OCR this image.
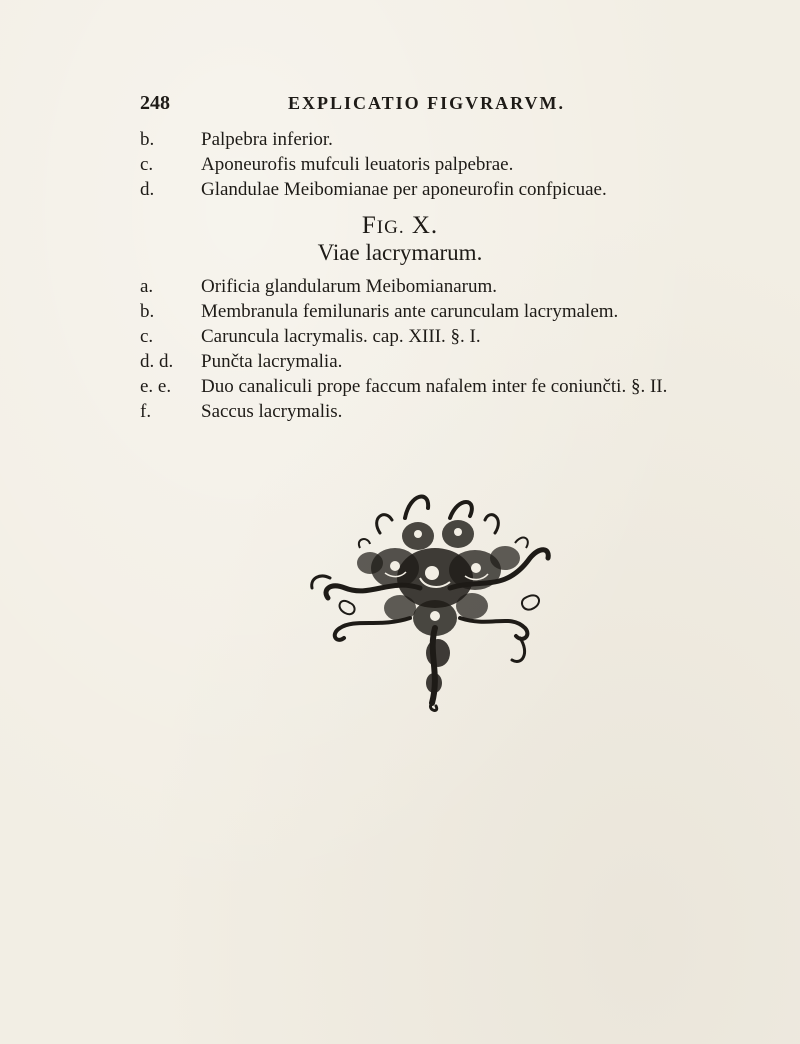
248	EXPLICATIO FIGVRARVM.
b. Palpebra inferior.
c.	Aponeurofis mufculi leuatoris palpebrae.
d. Glandulae Meibomianae per aponeurofin confpicuae.
FIG. X.
Viae lacrymarum.
a.	Orificia glandularum Meibomianarum.
b. Membranula femilunaris ante carunculam lacrymalem.
c.	Caruncula lacrymalis. cap. XIII. §. I.
d. d. Punčta lacrymalia.
e. e. Duo canaliculi prope faccum nafalem inter fe coniunčti. §. II.
f.	Saccus lacrymalis.
